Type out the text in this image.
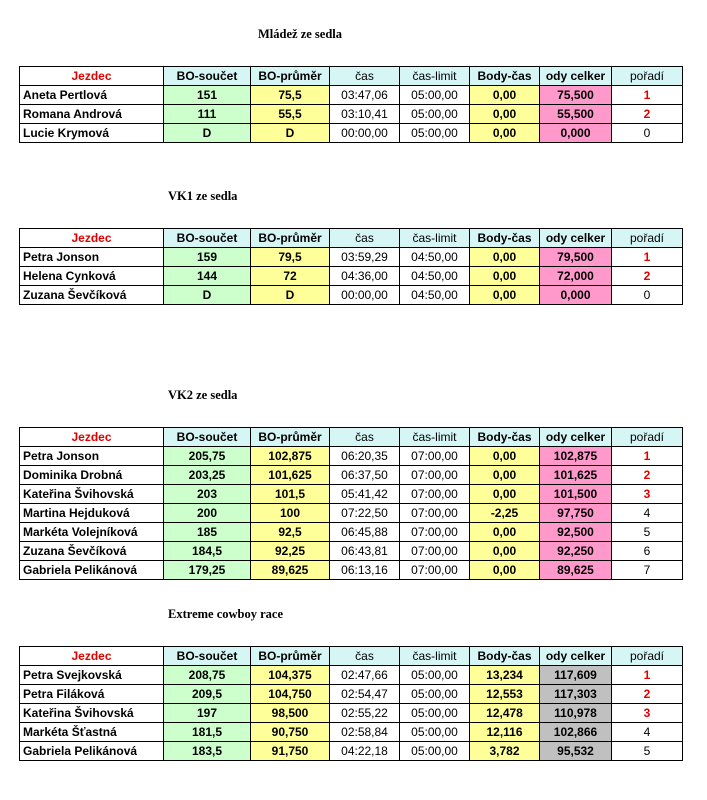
Mládež ze sedla
Jezdec	BO-součet	BO-průměr	čas	čas-limit	Body-čas	ody celker	pořadí
Aneta Pertlová	151	75,5	03:47,06	05:00,00	0,00	75,500	1
Romana Andrová	111	55,5	03:10,41	05:00,00	0,00	55,500	2
Lucie Krymová	D	D	00:00,00	05:00,00	0,00	0,000	0
VK1 ze sedla
Jezdec	BO-součet	BO-průměr	čas	čas-limit	Body-čas	ody celker	pořadí
Petra Jonson	159	79,5	03:59,29	04:50,00	0,00	79,500	1
Helena Cynková	144	72	04:36,00	04:50,00	0,00	72,000	2
Zuzana Ševčíková	D	D	00:00,00	04:50,00	0,00	0,000	0
VK2 ze sedla
Jezdec	BO-součet	BO-průměr	čas	čas-limit	Body-čas	ody celker	pořadí
Petra Jonson	205,75	102,875	06:20,35	07:00,00	0,00	102,875	1
Dominika Drobná	203,25	101,625	06:37,50	07:00,00	0,00	101,625	2
Kateřina Švihovská	203	101,5	05:41,42	07:00,00	0,00	101,500	3
Martina Hejduková	200	100	07:22,50	07:00,00	-2,25	97,750	4
Markéta Volejníková	185	92,5	06:45,88	07:00,00	0,00	92,500	5
Zuzana Ševčíková	184,5	92,25	06:43,81	07:00,00	0,00	92,250	6
Gabriela Pelikánová	179,25	89,625	06:13,16	07:00,00	0,00	89,625	7
Extreme cowboy race
Jezdec	BO-součet	BO-průměr	čas	čas-limit	Body-čas	ody celker	pořadí
Petra Svejkovská	208,75	104,375	02:47,66	05:00,00	13,234	117,609	1
Petra Filáková	209,5	104,750	02:54,47	05:00,00	12,553	117,303	2
Kateřina Švihovská	197	98,500	02:55,22	05:00,00	12,478	110,978	3
Markéta Šťastná	181,5	90,750	02:58,84	05:00,00	12,116	102,866	4
Gabriela Pelikánová	183,5	91,750	04:22,18	05:00,00	3,782	95,532	5
